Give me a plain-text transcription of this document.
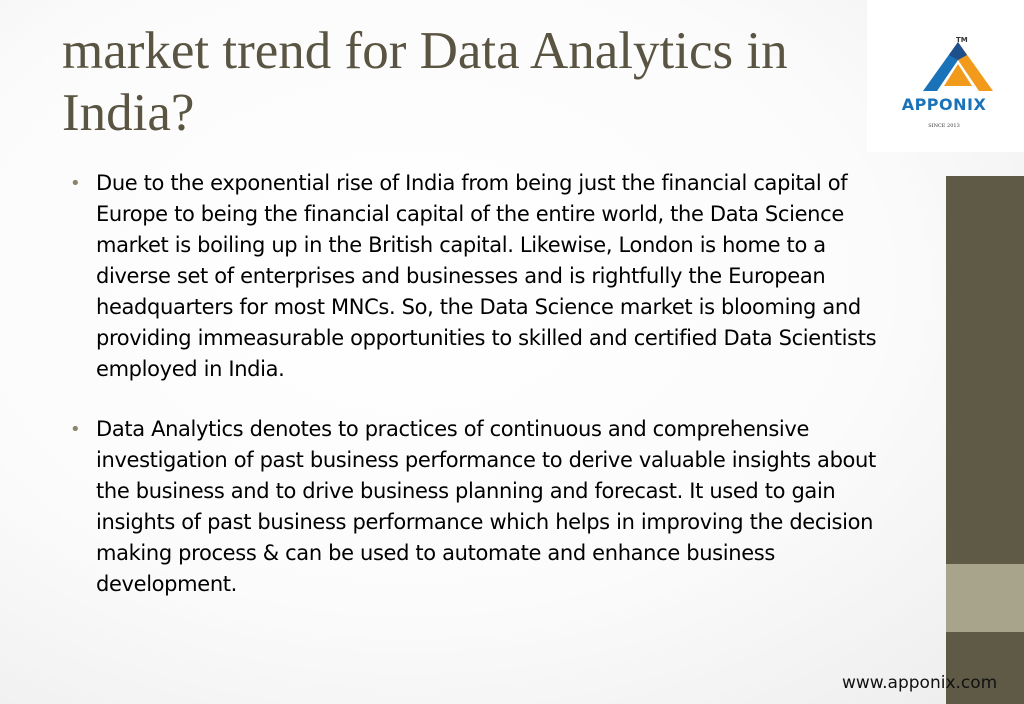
market trend for Data Analytics in
India?
TM
APPONIX
SINCE 2013
• Due to the exponential rise of India from being just the financial capital of Europe to being the financial capital of the entire world, the Data Science market is boiling up in the British capital. Likewise, London is home to a diverse set of enterprises and businesses and is rightfully the European headquarters for most MNCs. So, the Data Science market is blooming and providing immeasurable opportunities to skilled and certified Data Scientists employed in India.
• Data Analytics denotes to practices of continuous and comprehensive investigation of past business performance to derive valuable insights about the business and to drive business planning and forecast. It used to gain insights of past business performance which helps in improving the decision making process & can be used to automate and enhance business development.
www.apponix.com
